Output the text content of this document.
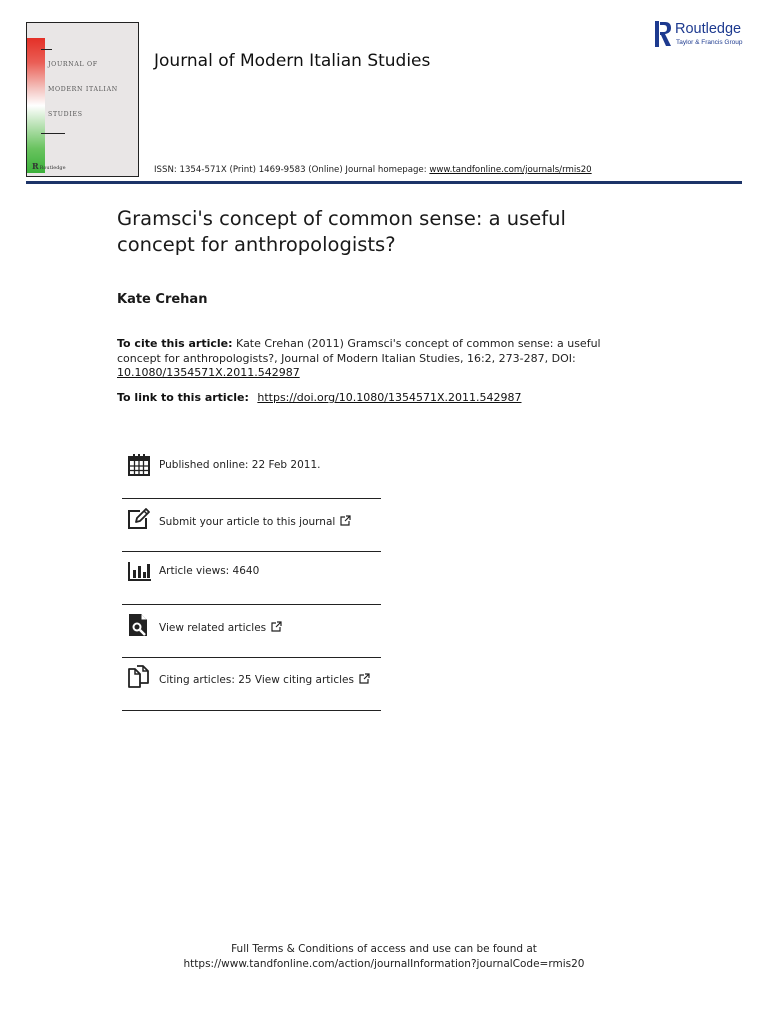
JOURNAL OF
MODERN ITALIAN
STUDIES
RRoutledge
Journal of Modern Italian Studies
Routledge
Taylor & Francis Group
ISSN: 1354-571X (Print) 1469-9583 (Online) Journal homepage: www.tandfonline.com/journals/rmis20
Gramsci's concept of common sense: a useful concept for anthropologists?
Kate Crehan
To cite this article: Kate Crehan (2011) Gramsci's concept of common sense: a useful concept for anthropologists?, Journal of Modern Italian Studies, 16:2, 273-287, DOI: 10.1080/1354571X.2011.542987
To link to this article: https://doi.org/10.1080/1354571X.2011.542987
Published online: 22 Feb 2011.
Submit your article to this journal
Article views: 4640
View related articles
Citing articles: 25 View citing articles
Full Terms & Conditions of access and use can be found at
https://www.tandfonline.com/action/journalInformation?journalCode=rmis20
